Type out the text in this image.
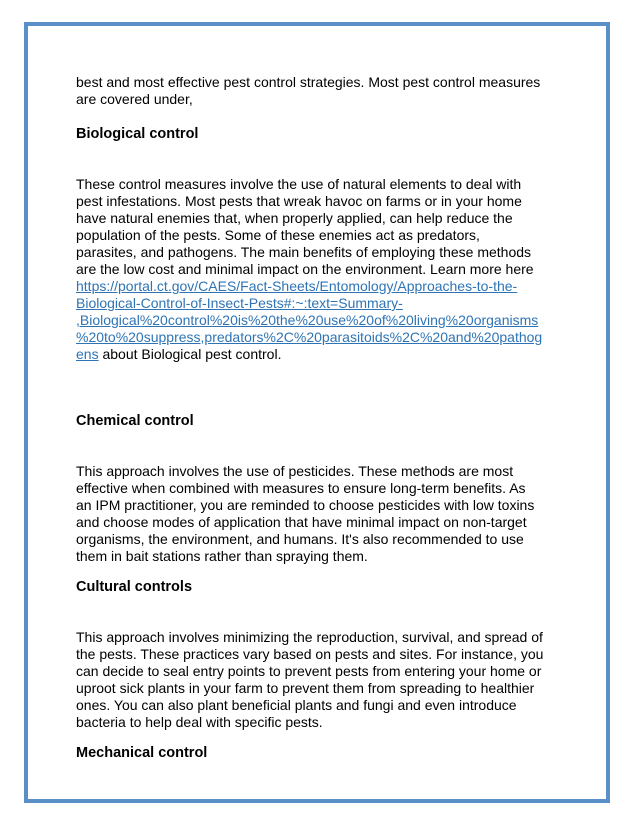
best and most effective pest control strategies. Most pest control measures
are covered under,
Biological control
These control measures involve the use of natural elements to deal with
pest infestations. Most pests that wreak havoc on farms or in your home
have natural enemies that, when properly applied, can help reduce the
population of the pests. Some of these enemies act as predators,
parasites, and pathogens. The main benefits of employing these methods
are the low cost and minimal impact on the environment. Learn more here
https://portal.ct.gov/CAES/Fact-Sheets/Entomology/Approaches-to-the-
Biological-Control-of-Insect-Pests#:~:text=Summary-
,Biological%20control%20is%20the%20use%20of%20living%20organisms
%20to%20suppress,predators%2C%20parasitoids%2C%20and%20pathog
ens about Biological pest control.
Chemical control
This approach involves the use of pesticides. These methods are most
effective when combined with measures to ensure long-term benefits. As
an IPM practitioner, you are reminded to choose pesticides with low toxins
and choose modes of application that have minimal impact on non-target
organisms, the environment, and humans. It's also recommended to use
them in bait stations rather than spraying them.
Cultural controls
This approach involves minimizing the reproduction, survival, and spread of
the pests. These practices vary based on pests and sites. For instance, you
can decide to seal entry points to prevent pests from entering your home or
uproot sick plants in your farm to prevent them from spreading to healthier
ones. You can also plant beneficial plants and fungi and even introduce
bacteria to help deal with specific pests.
Mechanical control
